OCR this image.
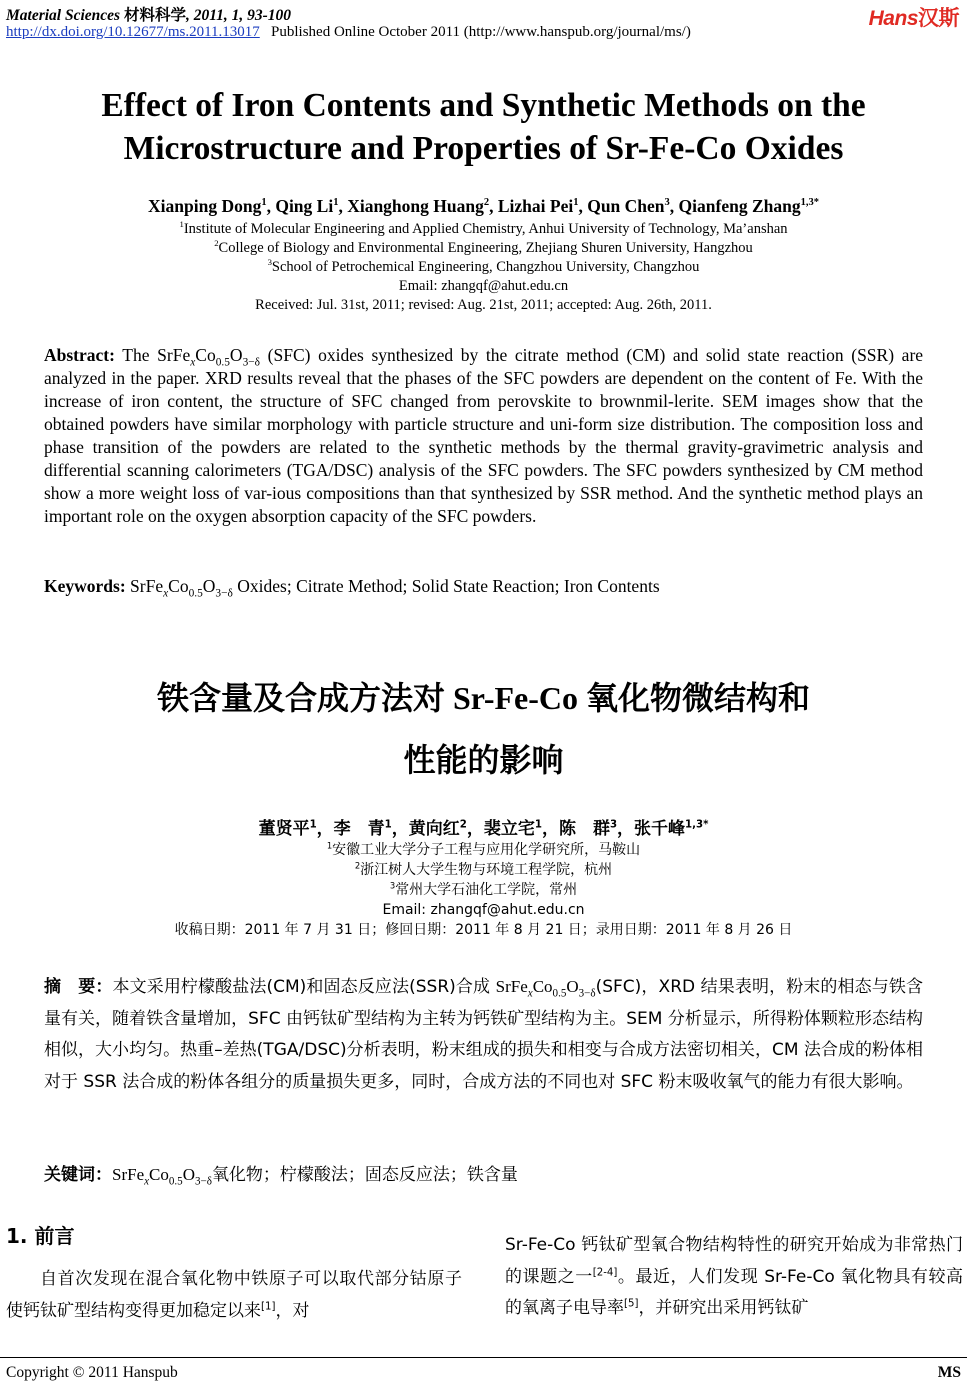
Material Sciences 材料科学, 2011, 1, 93-100
http://dx.doi.org/10.12677/ms.2011.13017 Published Online October 2011 (http://www.hanspub.org/journal/ms/)
Hans汉斯
Effect of Iron Contents and Synthetic Methods on the
Microstructure and Properties of Sr-Fe-Co Oxides
Xianping Dong$^1$, Qing Li$^1$, Xianghong Huang$^2$, Lizhai Pei$^1$, Qun Chen$^3$, Qianfeng Zhang$^{1,3*}$
$^1$Institute of Molecular Engineering and Applied Chemistry, Anhui University of Technology, Ma’anshan
$^2$College of Biology and Environmental Engineering, Zhejiang Shuren University, Hangzhou
$^3$School of Petrochemical Engineering, Changzhou University, Changzhou
Email: zhangqf@ahut.edu.cn
Received: Jul. 31st, 2011; revised: Aug. 21st, 2011; accepted: Aug. 26th, 2011.
Abstract: The $SrFe_xCo_{0.5}O_{3-\delta}$ (SFC) oxides synthesized by the citrate method (CM) and solid state reaction (SSR) are analyzed in the paper. XRD results reveal that the phases of the SFC powders are dependent on the content of Fe. With the increase of iron content, the structure of SFC changed from perovskite to brownmil-lerite. SEM images show that the obtained powders have similar morphology with particle structure and uni-form size distribution. The composition loss and phase transition of the powders are related to the synthetic methods by the thermal gravity-gravimetric analysis and differential scanning calorimeters (TGA/DSC) analysis of the SFC powders. The SFC powders synthesized by CM method show a more weight loss of var-ious compositions than that synthesized by SSR method. And the synthetic method plays an important role on the oxygen absorption capacity of the SFC powders.
Keywords: $SrFe_xCo_{0.5}O_{3-\delta}$ Oxides; Citrate Method; Solid State Reaction; Iron Contents
铁含量及合成方法对 Sr-Fe-Co 氧化物微结构和
性能的影响
董贤平$^1$，李　青$^1$，黄向红$^2$，裴立宅$^1$，陈　群$^3$，张千峰$^{1,3*}$
$^1$安徽工业大学分子工程与应用化学研究所，马鞍山
$^2$浙江树人大学生物与环境工程学院，杭州
$^3$常州大学石油化工学院，常州
Email: zhangqf@ahut.edu.cn
收稿日期：2011 年 7 月 31 日；修回日期：2011 年 8 月 21 日；录用日期：2011 年 8 月 26 日
摘　要：本文采用柠檬酸盐法(CM)和固态反应法(SSR)合成 $SrFe_xCo_{0.5}O_{3-\delta}(SFC)$，XRD 结果表明，粉末的相态与铁含量有关，随着铁含量增加，SFC 由钙钛矿型结构为主转为钙铁矿型结构为主。SEM 分析显示，所得粉体颗粒形态结构相似，大小均匀。热重–差热(TGA/DSC)分析表明，粉末组成的损失和相变与合成方法密切相关，CM 法合成的粉体相对于 SSR 法合成的粉体各组分的质量损失更多，同时，合成方法的不同也对 SFC 粉末吸收氧气的能力有很大影响。
关键词：$SrFe_xCo_{0.5}O_{3-\delta}$氧化物；柠檬酸法；固态反应法；铁含量
1. 前言
自首次发现在混合氧化物中铁原子可以取代部分钴原子使钙钛矿型结构变得更加稳定以来[1]，对
Sr-Fe-Co 钙钛矿型氧合物结构特性的研究开始成为非常热门的课题之一[2-4]。最近，人们发现 Sr-Fe-Co 氧化物具有较高的氧离子电导率[5]，并研究出采用钙钛矿
Copyright © 2011 Hanspub	MS
